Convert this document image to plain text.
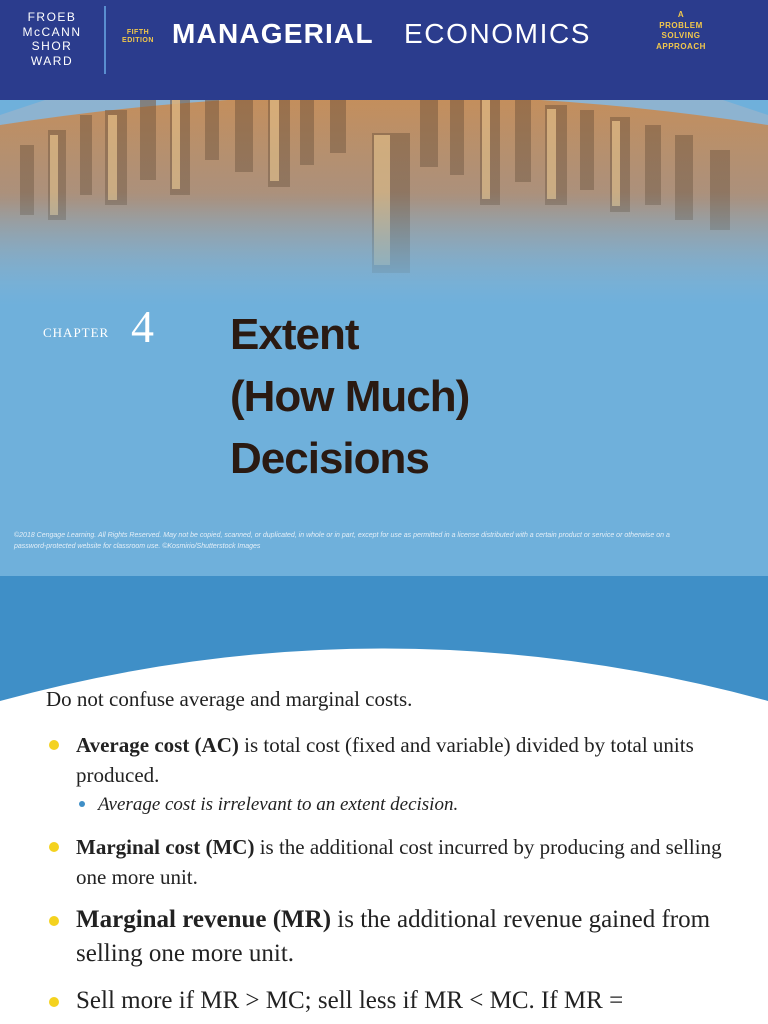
FROEB
McCANN
SHOR
WARD
FIFTH
EDITION MANAGERIAL ECONOMICS
A
PROBLEM
SOLVING
APPROACH
CHAPTER 4 Extent
(How Much)
Decisions
©2018 Cengage Learning. All Rights Reserved. May not be copied, scanned, or duplicated, in whole or in part, except for use as permitted in a license distributed with a certain product or service or otherwise on a
password-protected website for classroom use. ©Kosmirio/Shutterstock Images
Do not confuse average and marginal costs.
Average cost (AC) is total cost (fixed and variable) divided by total units produced.
Average cost is irrelevant to an extent decision.
Marginal cost (MC) is the additional cost incurred by producing and selling one more unit.
Marginal revenue (MR) is the additional revenue gained from selling one more unit.
Sell more if MR > MC; sell less if MR < MC. If MR =
